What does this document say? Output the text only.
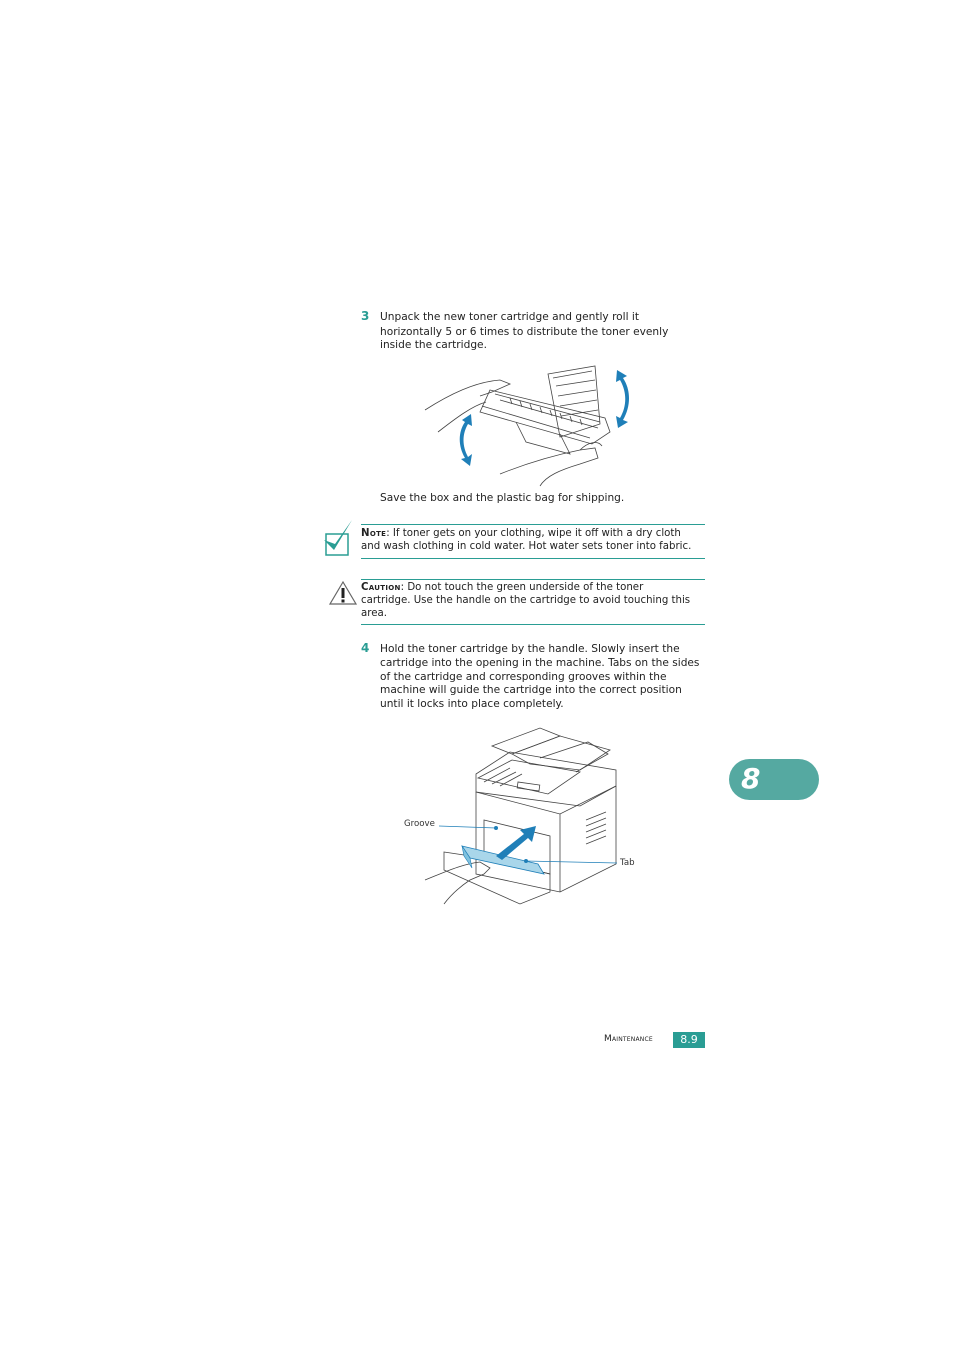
3 Unpack the new toner cartridge and gently roll it
horizontally 5 or 6 times to distribute the toner evenly
inside the cartridge.
Save the box and the plastic bag for shipping.
Note: If toner gets on your clothing, wipe it off with a dry cloth
and wash clothing in cold water. Hot water sets toner into fabric.
Caution: Do not touch the green underside of the toner
cartridge. Use the handle on the cartridge to avoid touching this
area.
4 Hold the toner cartridge by the handle. Slowly insert the
cartridge into the opening in the machine. Tabs on the sides
of the cartridge and corresponding grooves within the
machine will guide the cartridge into the correct position
until it locks into place completely.
Groove
Tab
8
Maintenance	8.9
